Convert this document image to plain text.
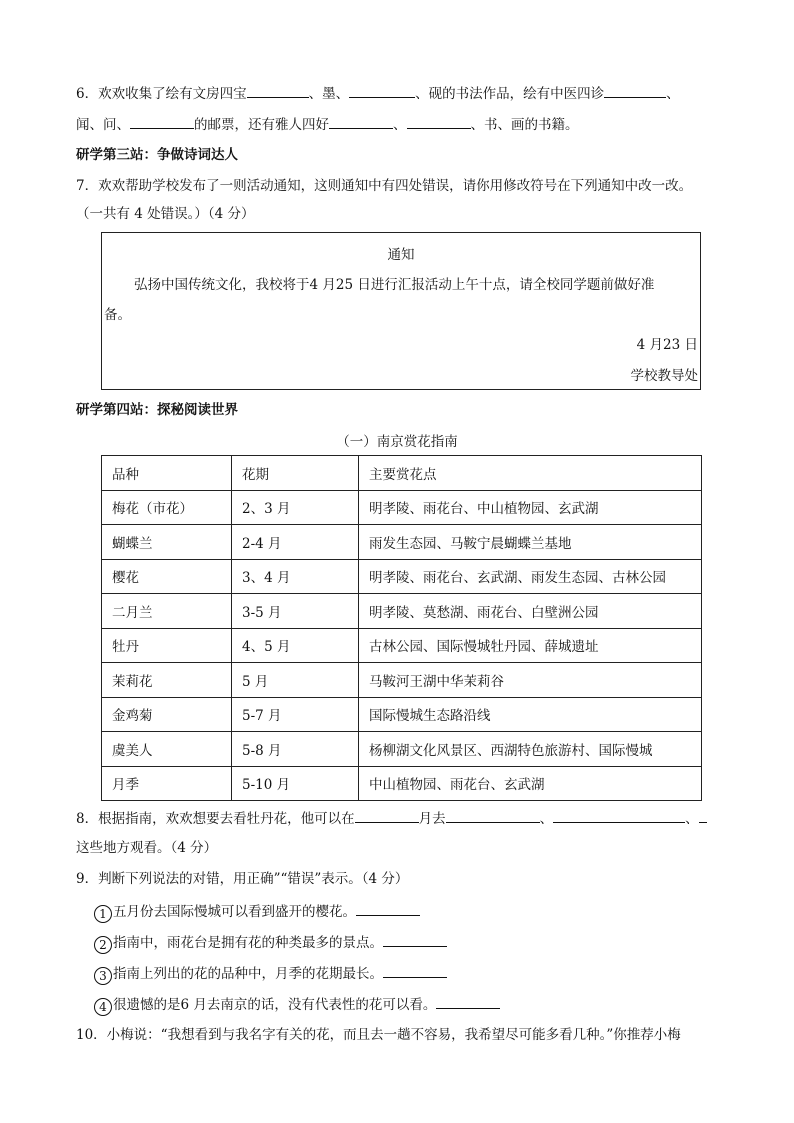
6．欢欢收集了绘有文房四宝	、墨、	、砚的书法作品，绘有中医四诊	、
闻、问、	的邮票，还有雅人四好	、	、书、画的书籍。
研学第三站：争做诗词达人
7．欢欢帮助学校发布了一则活动通知，这则通知中有四处错误，请你用修改符号在下列通知中改一改。
（一共有 4 处错误。）（4 分）
通知
弘扬中国传统文化，我校将于4 月25 日进行汇报活动上午十点，请全校同学题前做好准
备。
4 月23 日
学校教导处
研学第四站：探秘阅读世界
（一）南京赏花指南
品种	花期	主要赏花点
梅花（市花）	2、3 月	明孝陵、雨花台、中山植物园、玄武湖
蝴蝶兰	2-4 月	雨发生态园、马鞍宁晨蝴蝶兰基地
樱花	3、4 月	明孝陵、雨花台、玄武湖、雨发生态园、古林公园
二月兰	3-5 月	明孝陵、莫愁湖、雨花台、白壁洲公园
牡丹	4、5 月	古林公园、国际慢城牡丹园、薛城遗址
茉莉花	5 月	马鞍河王湖中华茉莉谷
金鸡菊	5-7 月	国际慢城生态路沿线
虞美人	5-8 月	杨柳湖文化风景区、西湖特色旅游村、国际慢城
月季	5-10 月	中山植物园、雨花台、玄武湖
8．根据指南，欢欢想要去看牡丹花，他可以在	月去	、	、
这些地方观看。（4 分）
9．判断下列说法的对错，用正确”“错误”表示。（4 分）
1 五月份去国际慢城可以看到盛开的樱花。
2 指南中，雨花台是拥有花的种类最多的景点。
3 指南上列出的花的品种中，月季的花期最长。
4 很遗憾的是6 月去南京的话，没有代表性的花可以看。
10．小梅说：“我想看到与我名字有关的花，而且去一趟不容易，我希望尽可能多看几种。”你推荐小梅
